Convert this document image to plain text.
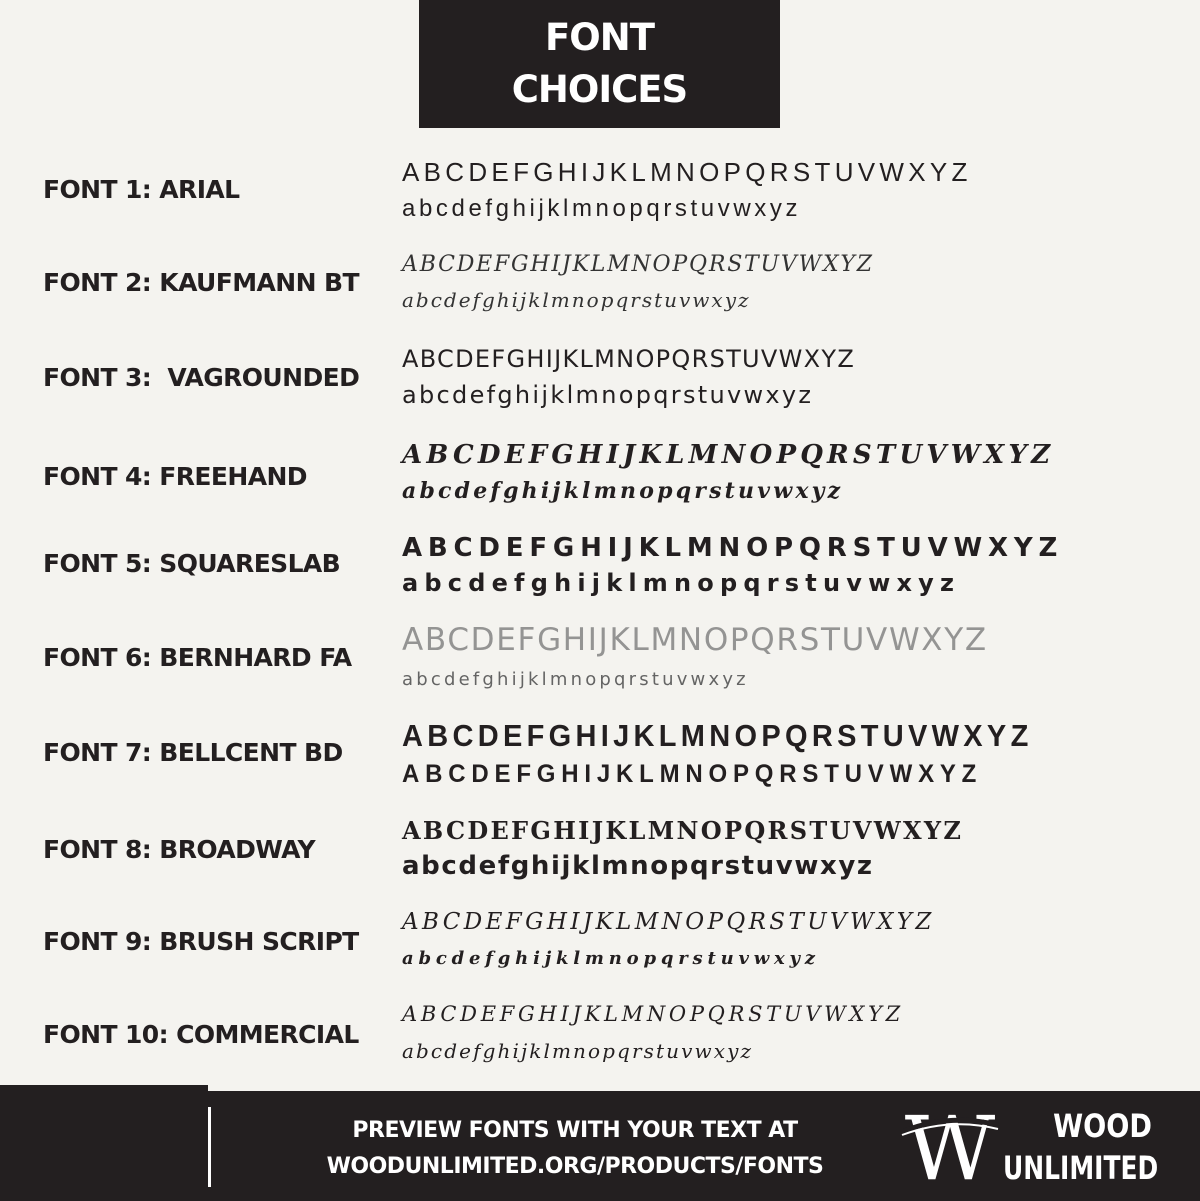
FONT
CHOICES
FONT 1: ARIAL
ABCDEFGHIJKLMNOPQRSTUVWXYZ
abcdefghijklmnopqrstuvwxyz
FONT 2: KAUFMANN BT
ABCDEFGHIJKLMNOPQRSTUVWXYZ
abcdefghijklmnopqrstuvwxyz
FONT 3:  VAGROUNDED
ABCDEFGHIJKLMNOPQRSTUVWXYZ
abcdefghijklmnopqrstuvwxyz
FONT 4: FREEHAND
ABCDEFGHIJKLMNOPQRSTUVWXYZ
abcdefghijklmnopqrstuvwxyz
FONT 5: SQUARESLAB
ABCDEFGHIJKLMNOPQRSTUVWXYZ
abcdefghijklmnopqrstuvwxyz
FONT 6: BERNHARD FA ABCDEFGHIJKLMNOPQRSTUVWXYZ
abcdefghijklmnopqrstuvwxyz
FONT 7: BELLCENT BD ABCDEFGHIJKLMNOPQRSTUVWXYZ
ABCDEFGHIJKLMNOPQRSTUVWXYZ
FONT 8: BROADWAY
ABCDEFGHIJKLMNOPQRSTUVWXYZ
abcdefghijklmnopqrstuvwxyz
FONT 9: BRUSH SCRIPT
ABCDEFGHIJKLMNOPQRSTUVWXYZ
abcdefghijklmnopqrstuvwxyz
FONT 10: COMMERCIAL
ABCDEFGHIJKLMNOPQRSTUVWXYZ
abcdefghijklmnopqrstuvwxyz
PREVIEW FONTS WITH YOUR TEXT AT
WOODUNLIMITED.ORG/PRODUCTS/FONTS W	WOOD
UNLIMITED
